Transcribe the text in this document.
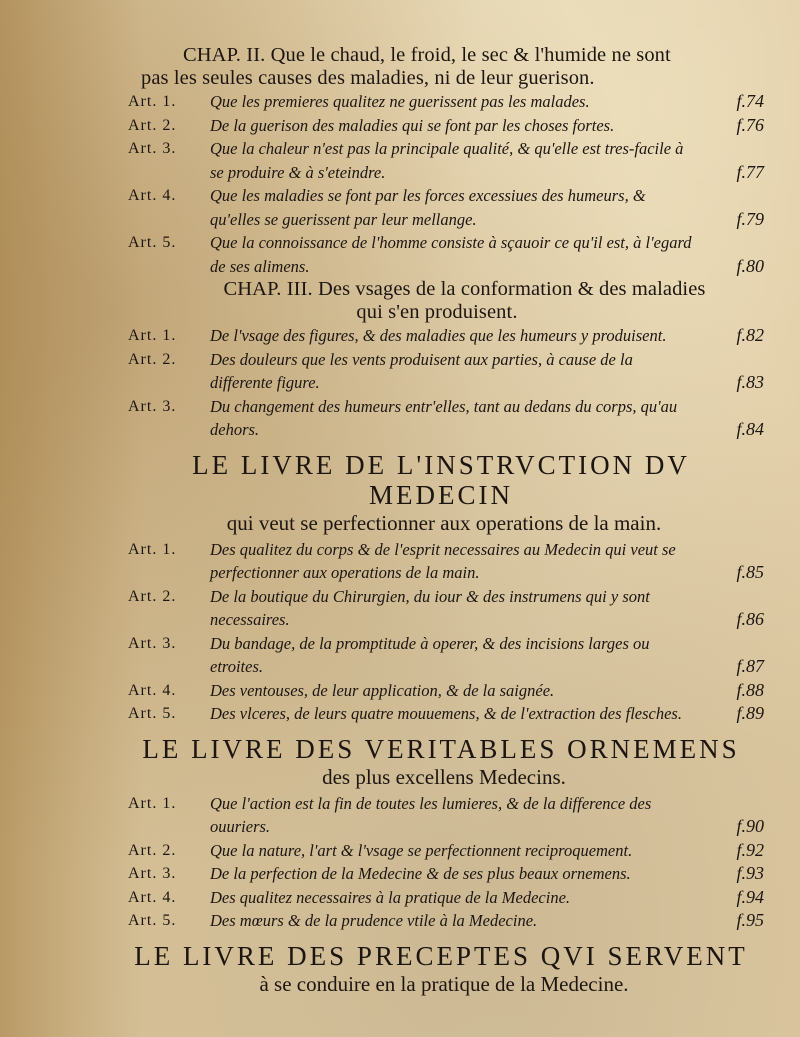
CHAP. II. Que le chaud, le froid, le sec & l'humide ne sont
pas les seules causes des maladies, ni de leur guerison.
Art. 1. Que les premieres qualitez ne guerissent pas les malades.	f.74
Art. 2. De la guerison des maladies qui se font par les choses fortes.	f.76
Art. 3. Que la chaleur n'est pas la principale qualité, & qu'elle est tres-facile à se produire & à s'eteindre.	f.77
Art. 4. Que les maladies se font par les forces excessiues des humeurs, & qu'elles se guerissent par leur mellange.	f.79
Art. 5. Que la connoissance de l'homme consiste à sçauoir ce qu'il est, à l'egard de ses alimens.	f.80
CHAP. III. Des vsages de la conformation & des maladies
qui s'en produisent.
Art. 1. De l'vsage des figures, & des maladies que les humeurs y produisent.	f.82
Art. 2. Des douleurs que les vents produisent aux parties, à cause de la differente figure.	f.83
Art. 3. Du changement des humeurs entr'elles, tant au dedans du corps, qu'au dehors.	f.84
LE LIVRE DE L'INSTRVCTION DV MEDECIN
qui veut se perfectionner aux operations de la main.
Art. 1. Des qualitez du corps & de l'esprit necessaires au Medecin qui veut se perfectionner aux operations de la main.	f.85
Art. 2. De la boutique du Chirurgien, du iour & des instrumens qui y sont necessaires.	f.86
Art. 3. Du bandage, de la promptitude à operer, & des incisions larges ou etroites.	f.87
Art. 4. Des ventouses, de leur application, & de la saignée.	f.88
Art. 5. Des vlceres, de leurs quatre mouuemens, & de l'extraction des flesches.	f.89
LE LIVRE DES VERITABLES ORNEMENS
des plus excellens Medecins.
Art. 1. Que l'action est la fin de toutes les lumieres, & de la difference des ouuriers.	f.90
Art. 2. Que la nature, l'art & l'vsage se perfectionnent reciproquement.	f.92
Art. 3. De la perfection de la Medecine & de ses plus beaux ornemens.	f.93
Art. 4. Des qualitez necessaires à la pratique de la Medecine.	f.94
Art. 5. Des mœurs & de la prudence vtile à la Medecine.	f.95
LE LIVRE DES PRECEPTES QVI SERVENT
à se conduire en la pratique de la Medecine.
